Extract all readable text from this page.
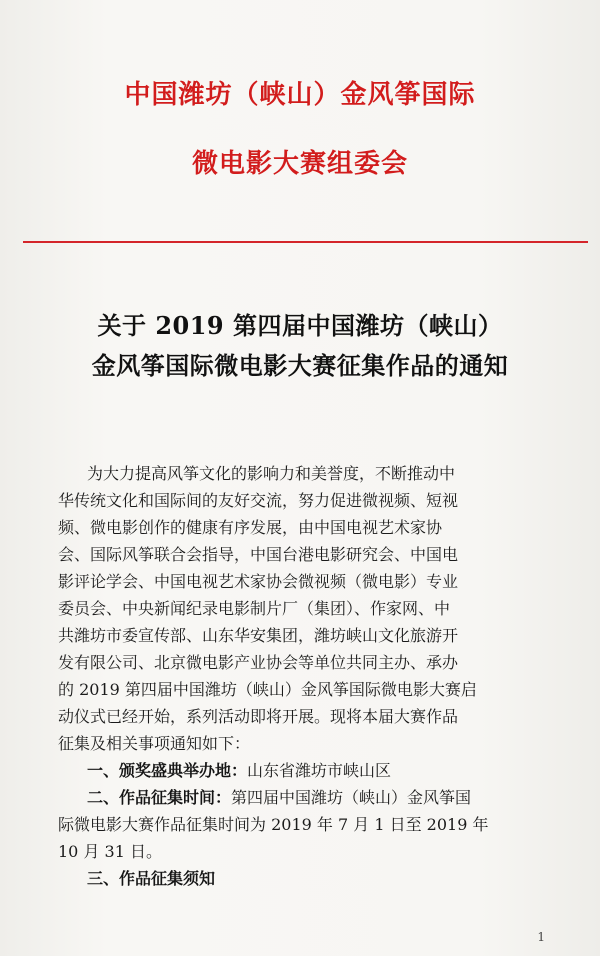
中国潍坊（峡山）金风筝国际
微电影大赛组委会
关于 2019 第四届中国潍坊（峡山）
金风筝国际微电影大赛征集作品的通知
为大力提高风筝文化的影响力和美誉度，不断推动中
华传统文化和国际间的友好交流，努力促进微视频、短视
频、微电影创作的健康有序发展，由中国电视艺术家协
会、国际风筝联合会指导，中国台港电影研究会、中国电
影评论学会、中国电视艺术家协会微视频（微电影）专业
委员会、中央新闻纪录电影制片厂（集团）、作家网、中
共潍坊市委宣传部、山东华安集团，潍坊峡山文化旅游开
发有限公司、北京微电影产业协会等单位共同主办、承办
的 2019 第四届中国潍坊（峡山）金风筝国际微电影大赛启
动仪式已经开始，系列活动即将开展。现将本届大赛作品
征集及相关事项通知如下：
一、颁奖盛典举办地：山东省潍坊市峡山区
二、作品征集时间：第四届中国潍坊（峡山）金风筝国
际微电影大赛作品征集时间为 2019 年 7 月 1 日至 2019 年
10 月 31 日。
三、作品征集须知
1
